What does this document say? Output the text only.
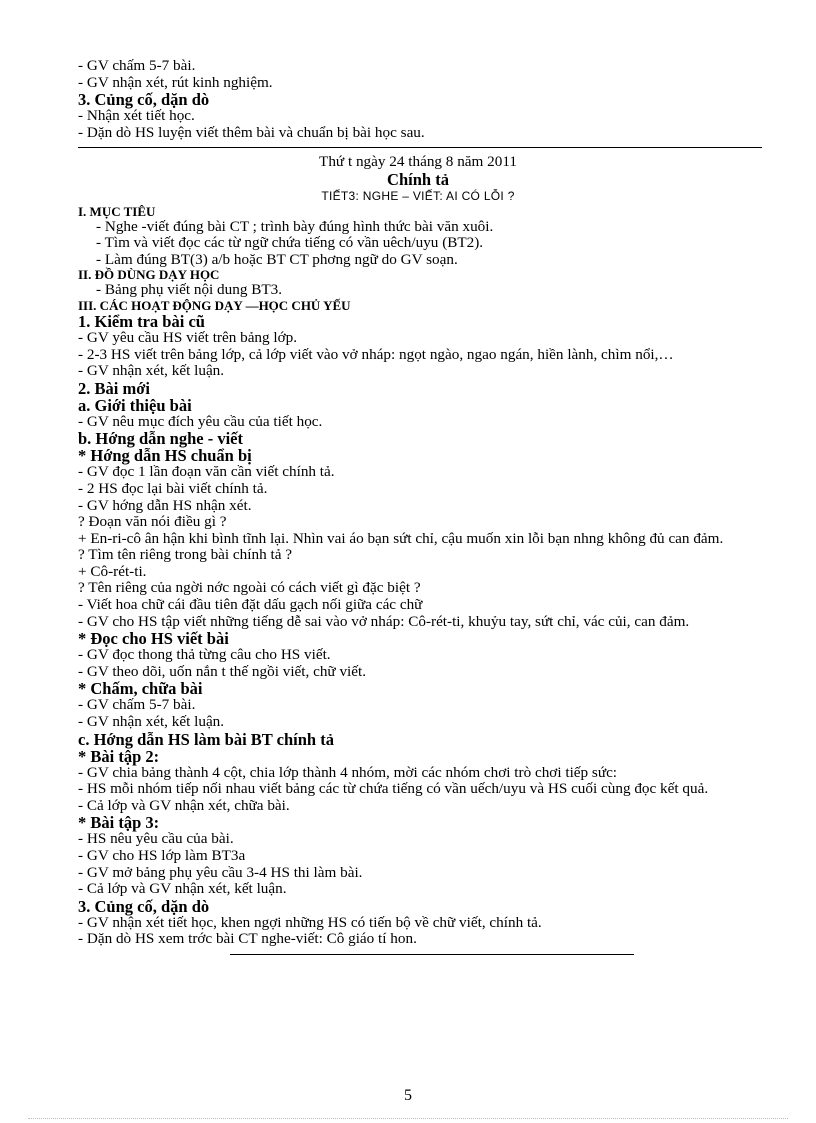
- GV chấm 5-7 bài.
- GV nhận xét, rút kinh nghiệm.
3. Củng cố, dặn dò
- Nhận xét tiết học.
- Dặn dò HS luyện viết thêm bài và chuẩn bị bài học sau.
Thứ t ngày 24 tháng 8 năm 2011
Chính tả
TIẾT3: NGHE – VIẾT: AI CÓ LỖI ?
I. MỤC TIÊU
- Nghe -viết đúng bài CT ; trình bày đúng hình thức bài văn xuôi.
- Tìm và viết đọc các từ ngữ chứa tiếng có vần uêch/uyu (BT2).
- Làm đúng BT(3) a/b hoặc BT CT phơng ngữ do GV soạn.
II. ĐỒ DÙNG DẠY HỌC
- Bảng phụ viết nội dung BT3.
III. CÁC HOẠT ĐỘNG DẠY —HỌC CHỦ YẾU
1. Kiểm tra bài cũ
- GV yêu cầu HS viết trên bảng lớp.
- 2-3 HS viết trên bảng lớp, cả lớp viết vào vở nháp: ngọt ngào, ngao ngán, hiền lành, chìm nổi,…
- GV nhận xét, kết luận.
2. Bài mới
a. Giới thiệu bài
- GV nêu mục đích yêu cầu của tiết học.
b. Hớng dẫn nghe - viết
* Hớng dẫn HS chuẩn bị
- GV đọc 1 lần đoạn văn cần viết chính tả.
- 2 HS đọc lại bài viết chính tả.
- GV hớng dẫn HS nhận xét.
? Đoạn văn nói điều gì ?
+ En-ri-cô ân hận khi bình tĩnh lại. Nhìn vai áo bạn sứt chỉ, cậu muốn xin lỗi bạn nhng không đủ can đảm.
? Tìm tên riêng trong bài chính tả ?
+ Cô-rét-ti.
? Tên riêng của ngời nớc ngoài có cách viết gì đặc biệt ?
- Viết hoa chữ cái đầu tiên đặt dấu gạch nối giữa các chữ
- GV cho HS tập viết những tiếng dễ sai vào vở nháp: Cô-rét-ti, khuỷu tay, sứt chỉ, vác củi, can đảm.
* Đọc cho HS viết bài
- GV đọc thong thả từng câu cho HS viết.
- GV theo dõi, uốn nắn t thế ngồi viết, chữ viết.
* Chấm, chữa bài
- GV chấm 5-7 bài.
- GV nhận xét, kết luận.
c. Hớng dẫn HS làm bài BT chính tả
* Bài tập 2:
- GV chia bảng thành 4 cột, chia lớp thành 4 nhóm, mời các nhóm chơi trò chơi tiếp sức:
- HS mỗi nhóm tiếp nối nhau viết bảng các từ chứa tiếng có vần uếch/uyu và HS cuối cùng đọc kết quả.
- Cả lớp và GV nhận xét, chữa bài.
* Bài tập 3:
- HS nêu yêu cầu của bài.
- GV cho HS lớp làm BT3a
- GV mở bảng phụ yêu cầu 3-4 HS thi làm bài.
- Cả lớp và GV nhận xét, kết luận.
3. Củng cố, dặn dò
- GV nhận xét tiết học, khen ngợi những HS có tiến bộ về chữ viết, chính tả.
- Dặn dò HS xem trớc bài CT nghe-viết: Cô giáo tí hon.
5
